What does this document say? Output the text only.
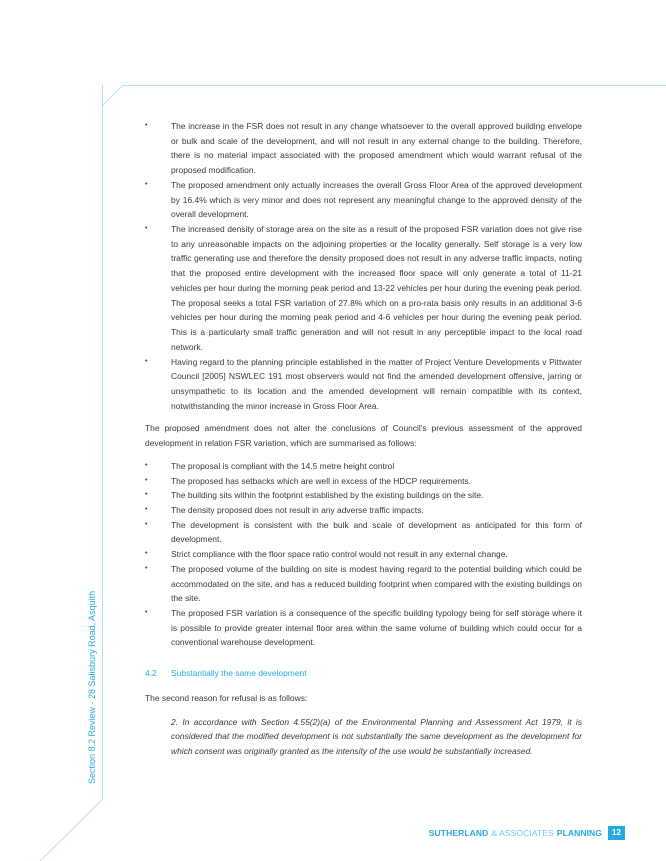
• The increase in the FSR does not result in any change whatsoever to the overall approved building envelope or bulk and scale of the development, and will not result in any external change to the building. Therefore, there is no material impact associated with the proposed amendment which would warrant refusal of the proposed modification.
• The proposed amendment only actually increases the overall Gross Floor Area of the approved development by 16.4% which is very minor and does not represent any meaningful change to the approved density of the overall development.
• The increased density of storage area on the site as a result of the proposed FSR variation does not give rise to any unreasonable impacts on the adjoining properties or the locality generally. Self storage is a very low traffic generating use and therefore the density proposed does not result in any adverse traffic impacts, noting that the proposed entire development with the increased floor space will only generate a total of 11-21 vehicles per hour during the morning peak period and 13-22 vehicles per hour during the evening peak period. The proposal seeks a total FSR variation of 27.8% which on a pro-rata basis only results in an additional 3-6 vehicles per hour during the morning peak period and 4-6 vehicles per hour during the evening peak period. This is a particularly small traffic generation and will not result in any perceptible impact to the local road network.
• Having regard to the planning principle established in the matter of Project Venture Developments v Pittwater Council [2005] NSWLEC 191 most observers would not find the amended development offensive, jarring or unsympathetic to its location and the amended development will remain compatible with its context, notwithstanding the minor increase in Gross Floor Area.

The proposed amendment does not alter the conclusions of Council's previous assessment of the approved development in relation FSR variation, which are summarised as follows:

• The proposal is compliant with the 14.5 metre height control
• The proposed has setbacks which are well in excess of the HDCP requirements.
• The building sits within the footprint established by the existing buildings on the site.
• The density proposed does not result in any adverse traffic impacts.
• The development is consistent with the bulk and scale of development as anticipated for this form of development.
• Strict compliance with the floor space ratio control would not result in any external change.
• The proposed volume of the building on site is modest having regard to the potential building which could be accommodated on the site, and has a reduced building footprint when compared with the existing buildings on the site.
• The proposed FSR variation is a consequence of the specific building typology being for self storage where it is possible to provide greater internal floor area within the same volume of building which could occur for a conventional warehouse development.
4.2	Substantially the same development

The second reason for refusal is as follows:

2. In accordance with Section 4.55(2)(a) of the Environmental Planning and Assessment Act 1979, it is considered that the modified development is not substantially the same development as the development for which consent was originally granted as the intensity of the use would be substantially increased.
Section 8.2 Review - 28 Salisbury Road, Asquith
SUTHERLAND & ASSOCIATES PLANNING	12
